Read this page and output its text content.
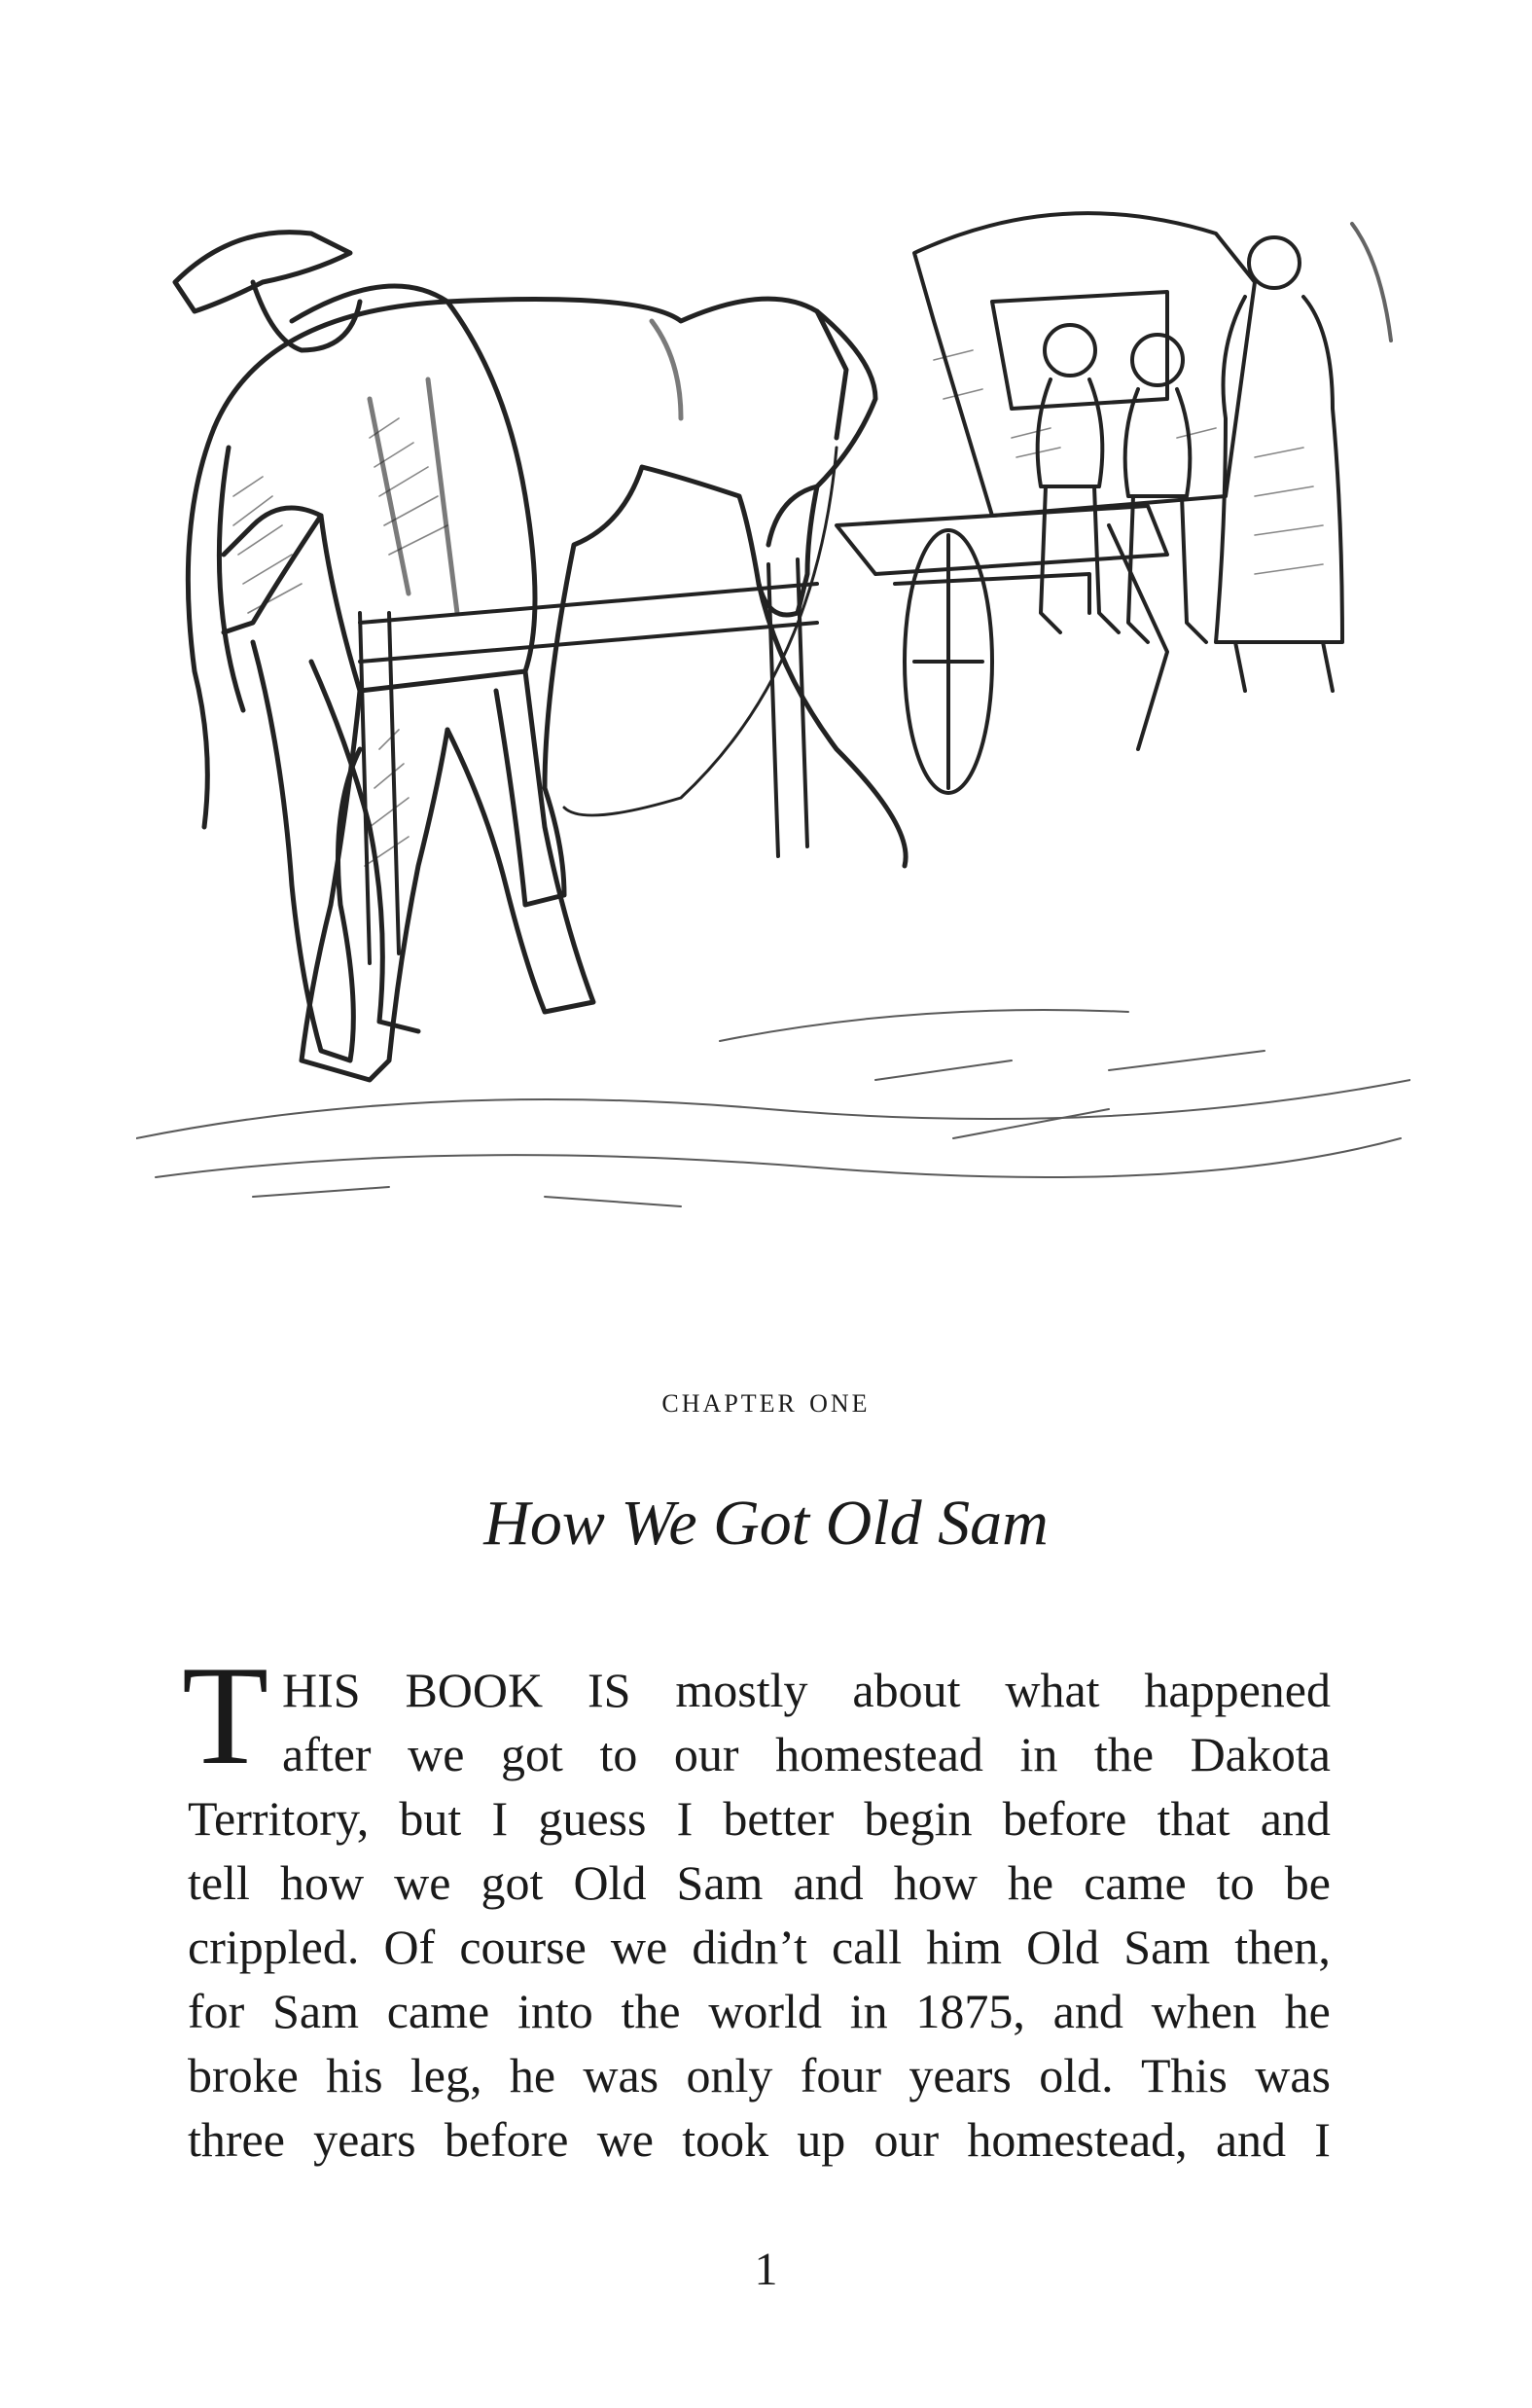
chapter one
How We Got Old Sam
T HIS BOOK IS mostly about what happened
after we got to our homestead in the Dakota
Territory, but I guess I better begin before that and
tell how we got Old Sam and how he came to be
crippled. Of course we didn’t call him Old Sam then,
for Sam came into the world in 1875, and when he
broke his leg, he was only four years old. This was
three years before we took up our homestead, and I
1
